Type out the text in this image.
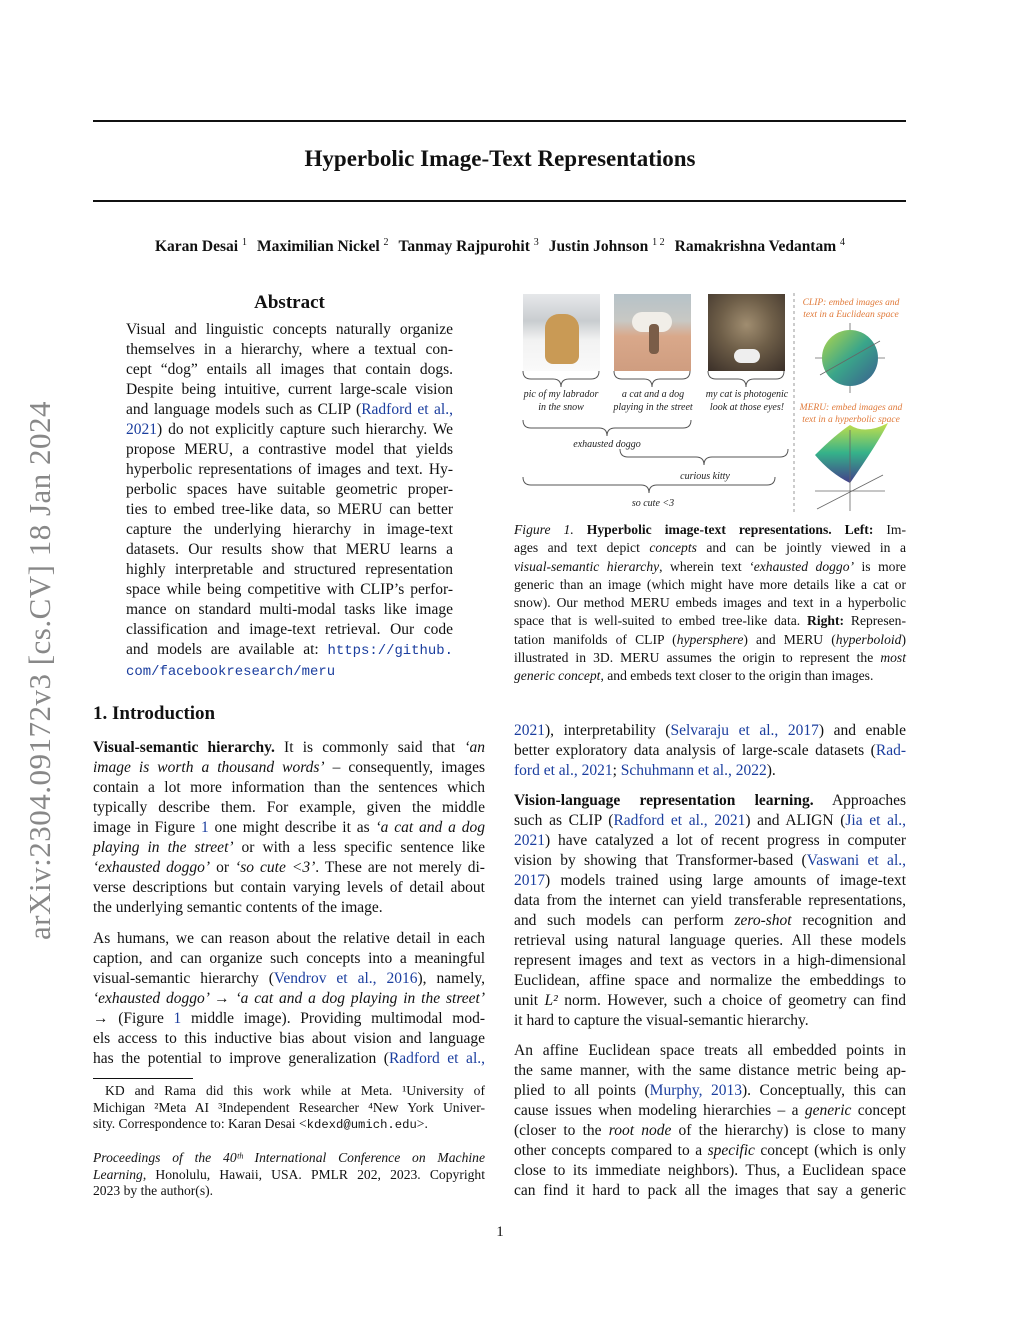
Hyperbolic Image-Text Representations
Karan Desai $^1$ Maximilian Nickel $^2$ Tanmay Rajpurohit $^3$ Justin Johnson $^{1 2}$ Ramakrishna Vedantam $^4$
arXiv:2304.09172v3 [cs.CV] 18 Jan 2024
Abstract
Visual and linguistic concepts naturally organize
themselves in a hierarchy, where a textual con-
cept “dog” entails all images that contain dogs.
Despite being intuitive, current large-scale vision
and language models such as CLIP (Radford et al.,
2021) do not explicitly capture such hierarchy. We
propose MERU, a contrastive model that yields
hyperbolic representations of images and text. Hy-
perbolic spaces have suitable geometric proper-
ties to embed tree-like data, so MERU can better
capture the underlying hierarchy in image-text
datasets. Our results show that MERU learns a
highly interpretable and structured representation
space while being competitive with CLIP’s perfor-
mance on standard multi-modal tasks like image
classification and image-text retrieval. Our code
and models are available at: https://github.
com/facebookresearch/meru
pic of my labrador
in the snow
a cat and a dog
playing in the street
my cat is photogenic
look at those eyes!
exhausted doggo
curious kitty
so cute <3
CLIP: embed images and
text in a Euclidean space
MERU: embed images and
text in a hyperbolic space
Figure 1. Hyperbolic image-text representations. Left: Im-
ages and text depict concepts and can be jointly viewed in a
visual-semantic hierarchy, wherein text ‘exhausted doggo’ is more
generic than an image (which might have more details like a cat or
snow). Our method MERU embeds images and text in a hyperbolic
space that is well-suited to embed tree-like data. Right: Represen-
tation manifolds of CLIP (hypersphere) and MERU (hyperboloid)
illustrated in 3D. MERU assumes the origin to represent the most
generic concept, and embeds text closer to the origin than images.
1. Introduction
Visual-semantic hierarchy. It is commonly said that ‘an
image is worth a thousand words’ – consequently, images
contain a lot more information than the sentences which
typically describe them. For example, given the middle
image in Figure 1 one might describe it as ‘a cat and a dog
playing in the street’ or with a less specific sentence like
‘exhausted doggo’ or ‘so cute <3’. These are not merely di-
verse descriptions but contain varying levels of detail about
the underlying semantic contents of the image.
As humans, we can reason about the relative detail in each
caption, and can organize such concepts into a meaningful
visual-semantic hierarchy (Vendrov et al., 2016), namely,
‘exhausted doggo’ → ‘a cat and a dog playing in the street’
→ (Figure 1 middle image). Providing multimodal mod-
els access to this inductive bias about vision and language
has the potential to improve generalization (Radford et al.,
KD and Rama did this work while at Meta. ¹University of
Michigan ²Meta AI ³Independent Researcher ⁴New York Univer-
sity. Correspondence to: Karan Desai <kdexd@umich.edu>.
Proceedings of the 40ᵗʰ International Conference on Machine
Learning, Honolulu, Hawaii, USA. PMLR 202, 2023. Copyright
2023 by the author(s).
2021), interpretability (Selvaraju et al., 2017) and enable
better exploratory data analysis of large-scale datasets (Rad-
ford et al., 2021; Schuhmann et al., 2022).
Vision-language representation learning. Approaches
such as CLIP (Radford et al., 2021) and ALIGN (Jia et al.,
2021) have catalyzed a lot of recent progress in computer
vision by showing that Transformer-based (Vaswani et al.,
2017) models trained using large amounts of image-text
data from the internet can yield transferable representations,
and such models can perform zero-shot recognition and
retrieval using natural language queries. All these models
represent images and text as vectors in a high-dimensional
Euclidean, affine space and normalize the embeddings to
unit L² norm. However, such a choice of geometry can find
it hard to capture the visual-semantic hierarchy.
An affine Euclidean space treats all embedded points in
the same manner, with the same distance metric being ap-
plied to all points (Murphy, 2013). Conceptually, this can
cause issues when modeling hierarchies – a generic concept
(closer to the root node of the hierarchy) is close to many
other concepts compared to a specific concept (which is only
close to its immediate neighbors). Thus, a Euclidean space
can find it hard to pack all the images that say a generic
1
